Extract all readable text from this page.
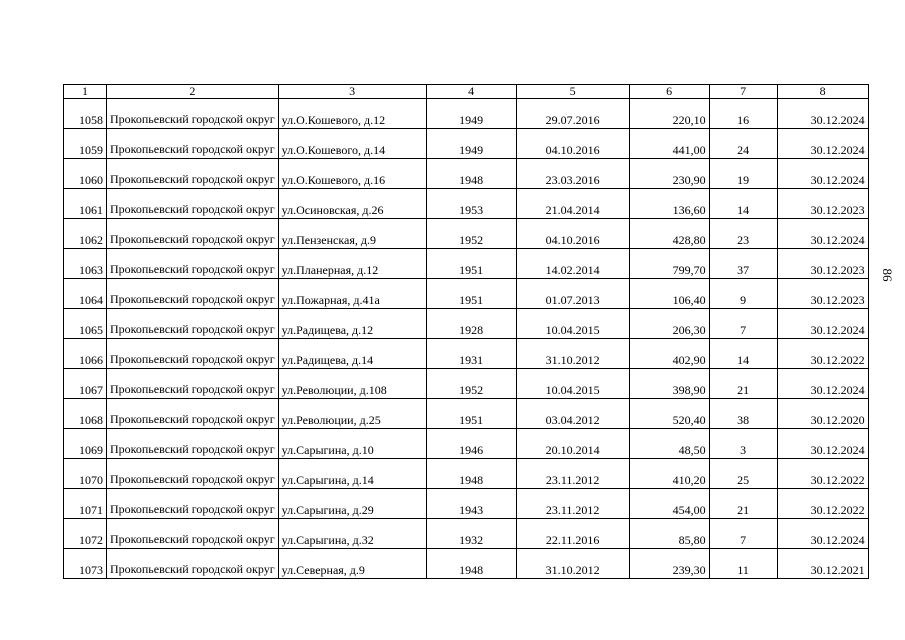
86
1	2	3	4	5	6	7	8
1058	Прокопьевский городской округ	ул.О.Кошевого, д.12	1949	29.07.2016	220,10	16	30.12.2024
1059	Прокопьевский городской округ	ул.О.Кошевого, д.14	1949	04.10.2016	441,00	24	30.12.2024
1060	Прокопьевский городской округ	ул.О.Кошевого, д.16	1948	23.03.2016	230,90	19	30.12.2024
1061	Прокопьевский городской округ	ул.Осиновская, д.26	1953	21.04.2014	136,60	14	30.12.2023
1062	Прокопьевский городской округ	ул.Пензенская, д.9	1952	04.10.2016	428,80	23	30.12.2024
1063	Прокопьевский городской округ	ул.Планерная, д.12	1951	14.02.2014	799,70	37	30.12.2023
1064	Прокопьевский городской округ	ул.Пожарная, д.41а	1951	01.07.2013	106,40	9	30.12.2023
1065	Прокопьевский городской округ	ул.Радищева, д.12	1928	10.04.2015	206,30	7	30.12.2024
1066	Прокопьевский городской округ	ул.Радищева, д.14	1931	31.10.2012	402,90	14	30.12.2022
1067	Прокопьевский городской округ	ул.Революции, д.108	1952	10.04.2015	398,90	21	30.12.2024
1068	Прокопьевский городской округ	ул.Революции, д.25	1951	03.04.2012	520,40	38	30.12.2020
1069	Прокопьевский городской округ	ул.Сарыгина, д.10	1946	20.10.2014	48,50	3	30.12.2024
1070	Прокопьевский городской округ	ул.Сарыгина, д.14	1948	23.11.2012	410,20	25	30.12.2022
1071	Прокопьевский городской округ	ул.Сарыгина, д.29	1943	23.11.2012	454,00	21	30.12.2022
1072	Прокопьевский городской округ	ул.Сарыгина, д.32	1932	22.11.2016	85,80	7	30.12.2024
1073	Прокопьевский городской округ	ул.Северная, д.9	1948	31.10.2012	239,30	11	30.12.2021
